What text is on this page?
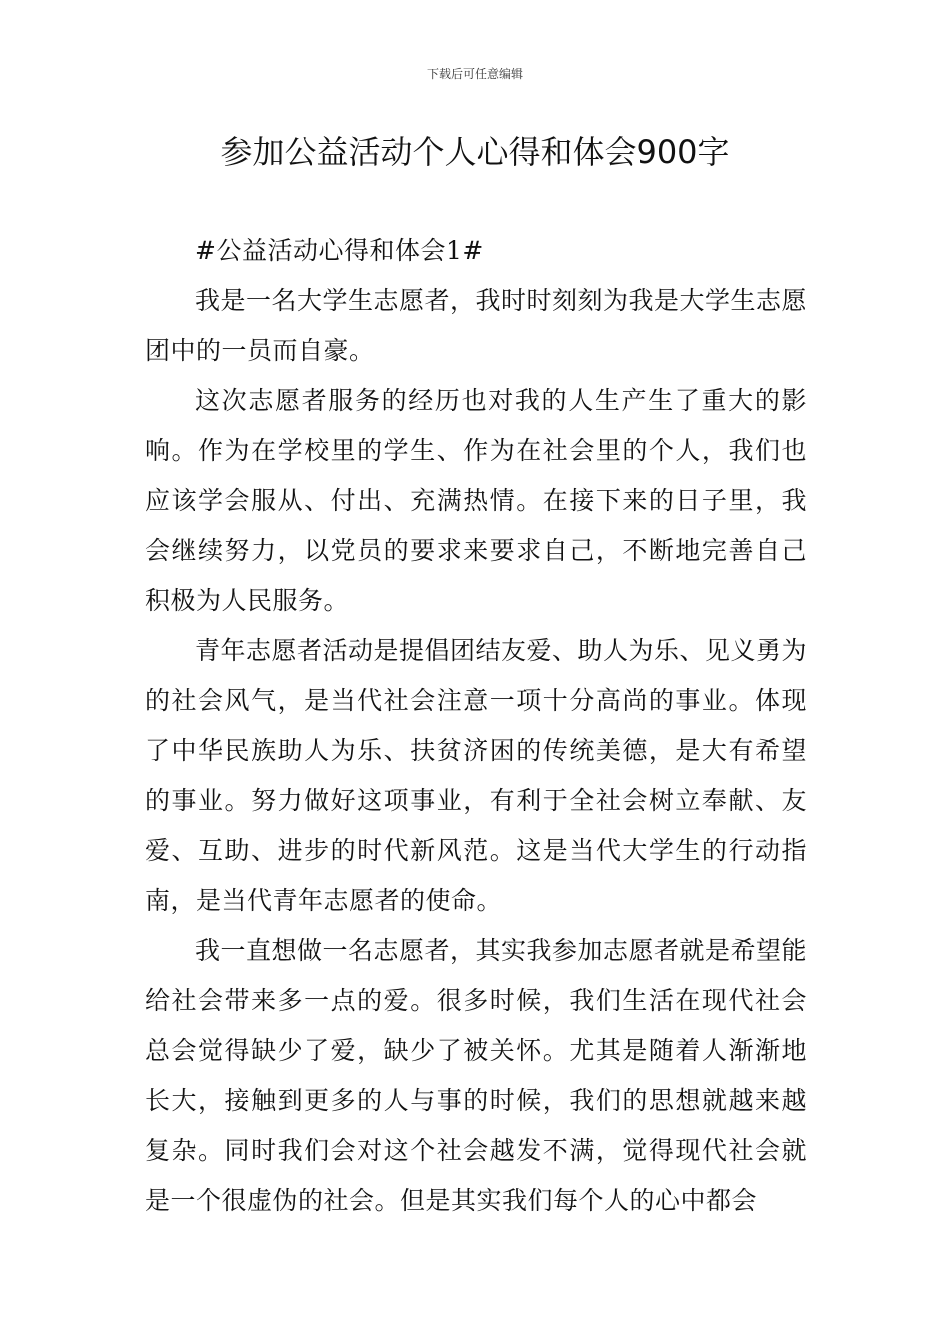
下载后可任意编辑
参加公益活动个人心得和体会900字

#公益活动心得和体会1#

我是一名大学生志愿者，我时时刻刻为我是大学生志愿团中的一员而自豪。

这次志愿者服务的经历也对我的人生产生了重大的影响。作为在学校里的学生、作为在社会里的个人，我们也应该学会服从、付出、充满热情。在接下来的日子里，我会继续努力，以党员的要求来要求自己，不断地完善自己积极为人民服务。

青年志愿者活动是提倡团结友爱、助人为乐、见义勇为的社会风气，是当代社会注意一项十分高尚的事业。体现了中华民族助人为乐、扶贫济困的传统美德，是大有希望的事业。努力做好这项事业，有利于全社会树立奉献、友爱、互助、进步的时代新风范。这是当代大学生的行动指南，是当代青年志愿者的使命。

我一直想做一名志愿者，其实我参加志愿者就是希望能给社会带来多一点的爱。很多时候，我们生活在现代社会总会觉得缺少了爱，缺少了被关怀。尤其是随着人渐渐地长大，接触到更多的人与事的时候，我们的思想就越来越复杂。同时我们会对这个社会越发不满，觉得现代社会就是一个很虚伪的社会。但是其实我们每个人的心中都会
